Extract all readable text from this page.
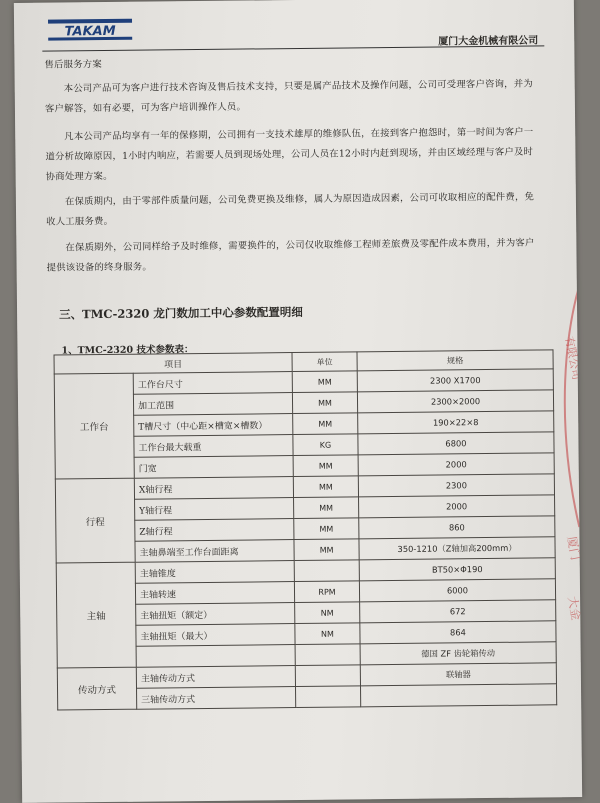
TAKAM
厦门大金机械有限公司
售后服务方案
本公司产品可为客户进行技术咨询及售后技术支持，只要是属产品技术及操作问题，公司可受理客户咨询，并为客户解答，如有必要，可为客户培训操作人员。
凡本公司产品均享有一年的保修期，公司拥有一支技术雄厚的维修队伍，在接到客户抱怨时，第一时间为客户一道分析故障原因，1小时内响应，若需要人员到现场处理，公司人员在12小时内赶到现场，并由区域经理与客户及时协商处理方案。
在保质期内，由于零部件质量问题，公司免费更换及维修，属人为原因造成因素，公司可收取相应的配件费，免收人工服务费。
在保质期外，公司同样给予及时维修，需要换件的，公司仅收取维修工程师差旅费及零配件成本费用，并为客户提供该设备的终身服务。
三、TMC-2320 龙门数加工中心参数配置明细
1、TMC-2320 技术参数表：
项目		单位	规格
工作台	工作台尺寸	MM	2300 X1700
	加工范围	MM	2300×2000
	T槽尺寸（中心距×槽宽×槽数）	MM	190×22×8
	工作台最大载重	KG	6800
	门宽	MM	2000
行程	X轴行程	MM	2300
	Y轴行程	MM	2000
	Z轴行程	MM	860
	主轴鼻端至工作台面距离	MM	350-1210（Z轴加高200mm）
主轴	主轴锥度		BT50×Φ190
	主轴转速	RPM	6000
	主轴扭矩（额定）	NM	672
	主轴扭矩（最大）	NM	864
			德国 ZF 齿轮箱传动
传动方式	主轴传动方式		联轴器
	三轴传动方式		
有限公司
厦门
大金
